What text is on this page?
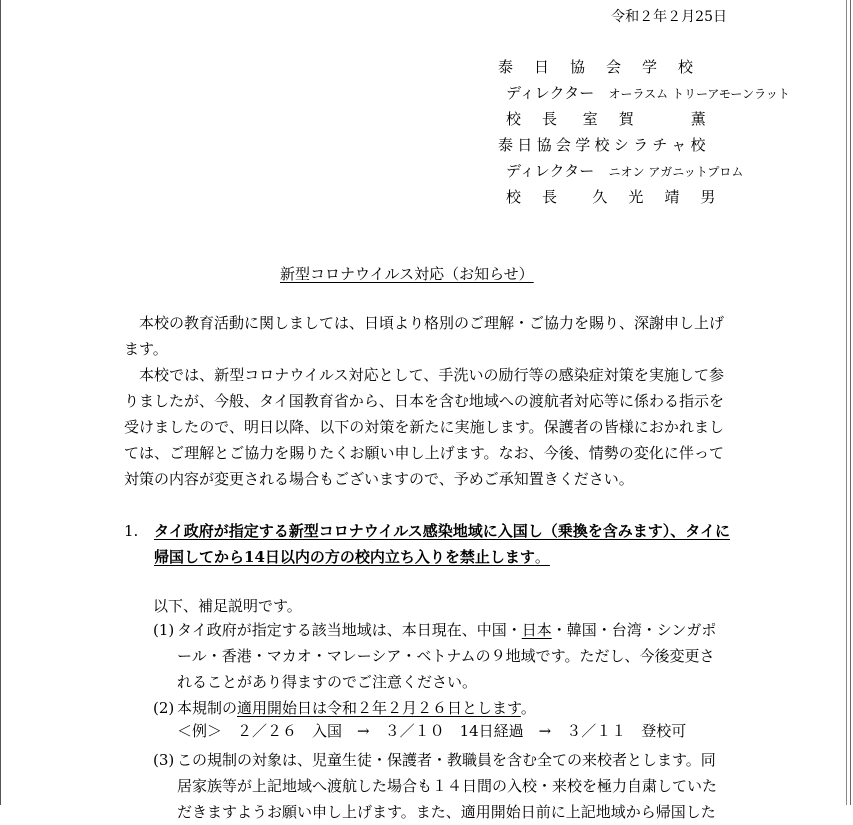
令和２年２月25日
泰日協会学校
ディレクター オーラスム トリーアモーンラット
校長 室賀　薫
泰日協会学校シラチャ校
ディレクター ニオン アガニットプロム
校長 久光靖男
新型コロナウイルス対応（お知らせ）

本校の教育活動に関しましては、日頃より格別のご理解・ご協力を賜り、深謝申し上げます。

本校では、新型コロナウイルス対応として、手洗いの励行等の感染症対策を実施して参りましたが、今般、タイ国教育省から、日本を含む地域への渡航者対応等に係わる指示を受けましたので、明日以降、以下の対策を新たに実施します。保護者の皆様におかれましては、ご理解とご協力を賜りたくお願い申し上げます。なお、今後、情勢の変化に伴って対策の内容が変更される場合もございますので、予めご承知置きください。

1. タイ政府が指定する新型コロナウイルス感染地域に入国し（乗換を含みます）、タイに帰国してから14日以内の方の校内立ち入りを禁止します。
以下、補足説明です。
(1) タイ政府が指定する該当地域は、本日現在、中国・日本・韓国・台湾・シンガポール・香港・マカオ・マレーシア・ベトナムの９地域です。ただし、今後変更されることがあり得ますのでご注意ください。
(2) 本規制の適用開始日は令和２年２月２６日とします。
＜例＞　２／２６　入国　→　３／１０　14日経過　→　３／１１　登校可
(3) この規制の対象は、児童生徒・保護者・教職員を含む全ての来校者とします。同居家族等が上記地域へ渡航した場合も１４日間の入校・来校を極力自粛していただきますようお願い申し上げます。また、適用開始日前に上記地域から帰国した
